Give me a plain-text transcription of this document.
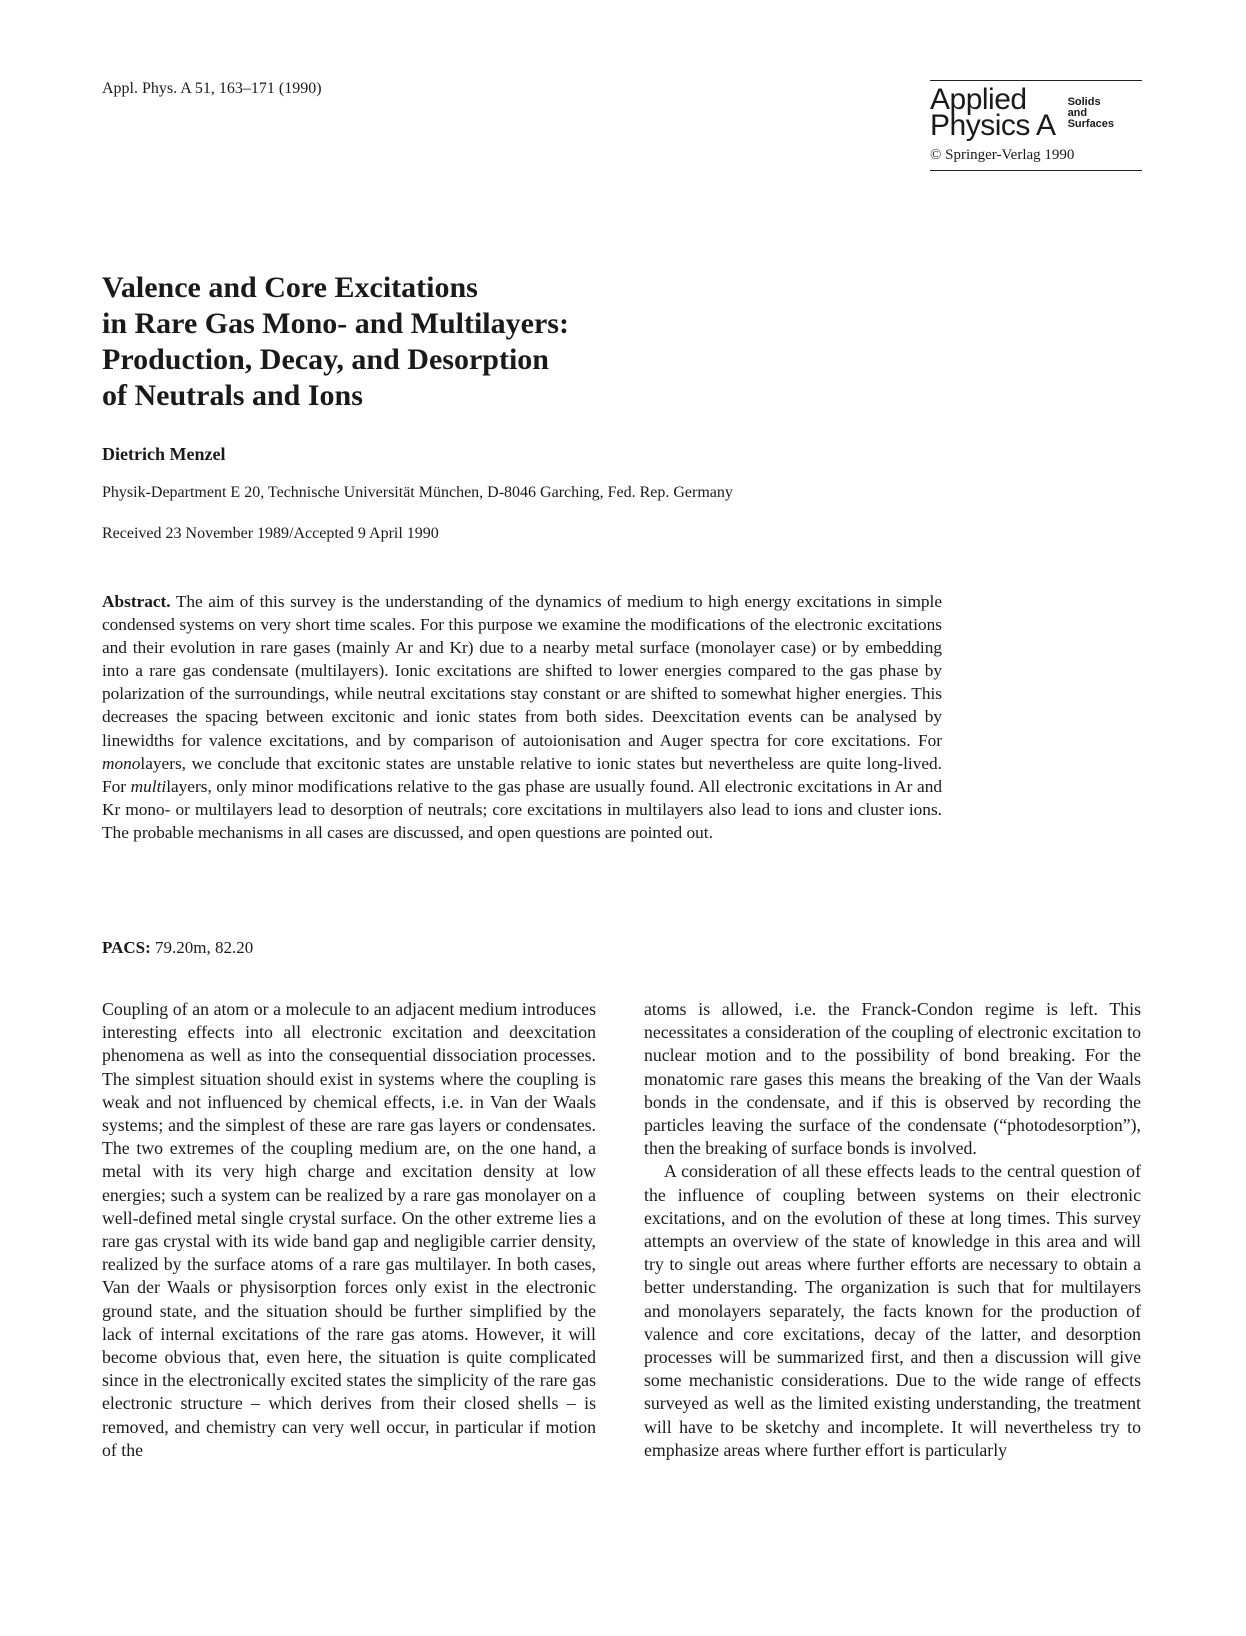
Appl. Phys. A 51, 163–171 (1990)	Applied
Physics A
Solids
and
Surfaces
© Springer-Verlag 1990
Valence and Core Excitations
in Rare Gas Mono- and Multilayers:
Production, Decay, and Desorption
of Neutrals and Ions
Dietrich Menzel
Physik-Department E 20, Technische Universität München, D-8046 Garching, Fed. Rep. Germany
Received 23 November 1989/Accepted 9 April 1990

Abstract. The aim of this survey is the understanding of the dynamics of medium to high energy excitations in simple condensed systems on very short time scales. For this purpose we examine the modifications of the electronic excitations and their evolution in rare gases (mainly Ar and Kr) due to a nearby metal surface (monolayer case) or by embedding into a rare gas condensate (multilayers). Ionic excitations are shifted to lower energies compared to the gas phase by polarization of the surroundings, while neutral excitations stay constant or are shifted to somewhat higher energies. This decreases the spacing between excitonic and ionic states from both sides. Deexcitation events can be analysed by linewidths for valence excitations, and by comparison of autoionisation and Auger spectra for core excitations. For monolayers, we conclude that excitonic states are unstable relative to ionic states but nevertheless are quite long-lived. For multilayers, only minor modifications relative to the gas phase are usually found. All electronic excitations in Ar and Kr mono- or multilayers lead to desorption of neutrals; core excitations in multilayers also lead to ions and cluster ions. The probable mechanisms in all cases are discussed, and open questions are pointed out.

PACS: 79.20m, 82.20

Coupling of an atom or a molecule to an adjacent medium introduces interesting effects into all electronic excitation and deexcitation phenomena as well as into the consequential dissociation processes. The simplest situation should exist in systems where the coupling is weak and not influenced by chemical effects, i.e. in Van der Waals systems; and the simplest of these are rare gas layers or condensates. The two extremes of the coupling medium are, on the one hand, a metal with its very high charge and excitation density at low energies; such a system can be realized by a rare gas monolayer on a well-defined metal single crystal surface. On the other extreme lies a rare gas crystal with its wide band gap and negligible carrier density, realized by the surface atoms of a rare gas multilayer. In both cases, Van der Waals or physisorption forces only exist in the electronic ground state, and the situation should be further simplified by the lack of internal excitations of the rare gas atoms. However, it will become obvious that, even here, the situation is quite complicated since in the electronically excited states the simplicity of the rare gas electronic structure – which derives from their closed shells – is removed, and chemistry can very well occur, in particular if motion of the

atoms is allowed, i.e. the Franck-Condon regime is left. This necessitates a consideration of the coupling of electronic excitation to nuclear motion and to the possibility of bond breaking. For the monatomic rare gases this means the breaking of the Van der Waals bonds in the condensate, and if this is observed by recording the particles leaving the surface of the condensate (“photodesorption”), then the breaking of surface bonds is involved.

A consideration of all these effects leads to the central question of the influence of coupling between systems on their electronic excitations, and on the evolution of these at long times. This survey attempts an overview of the state of knowledge in this area and will try to single out areas where further efforts are necessary to obtain a better understanding. The organization is such that for multilayers and monolayers separately, the facts known for the production of valence and core excitations, decay of the latter, and desorption processes will be summarized first, and then a discussion will give some mechanistic considerations. Due to the wide range of effects surveyed as well as the limited existing understanding, the treatment will have to be sketchy and incomplete. It will nevertheless try to emphasize areas where further effort is particularly
